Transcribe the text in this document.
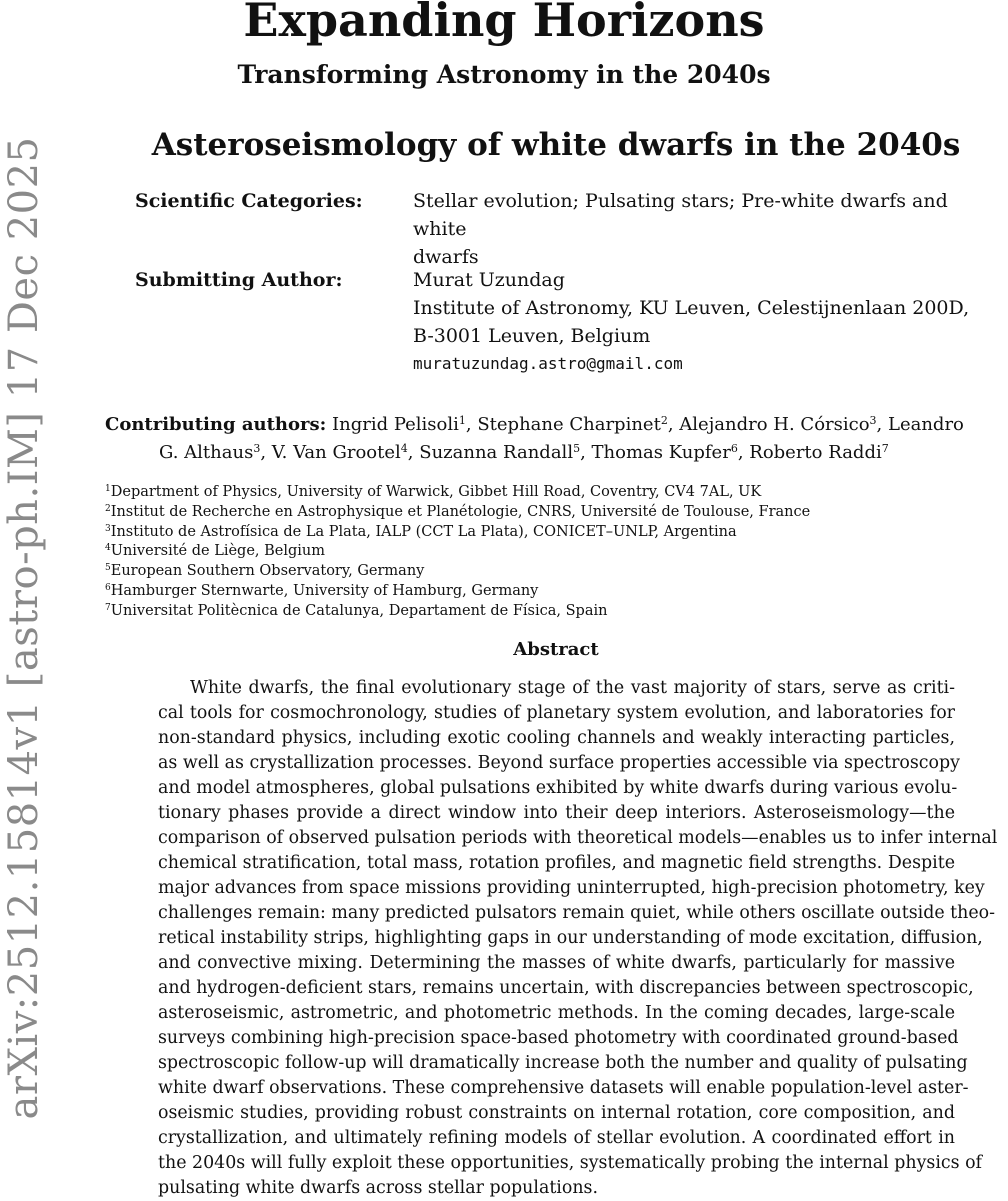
arXiv:2512.15814v1 [astro-ph.IM] 17 Dec 2025
Expanding Horizons
Transforming Astronomy in the 2040s
Asteroseismology of white dwarfs in the 2040s
Scientific Categories:	Stellar evolution; Pulsating stars; Pre-white dwarfs and white
dwarfs
Submitting Author:	Murat Uzundag
Institute of Astronomy, KU Leuven, Celestijnenlaan 200D,
B-3001 Leuven, Belgium
muratuzundag.astro@gmail.com
Contributing authors: Ingrid Pelisoli$^1$, Stephane Charpinet$^2$, Alejandro H. Córsico$^3$, Leandro
G. Althaus$^3$, V. Van Grootel$^4$, Suzanna Randall$^5$, Thomas Kupfer$^6$, Roberto Raddi$^7$
$^1$Department of Physics, University of Warwick, Gibbet Hill Road, Coventry, CV4 7AL, UK
$^2$Institut de Recherche en Astrophysique et Planétologie, CNRS, Université de Toulouse, France
$^3$Instituto de Astrofísica de La Plata, IALP (CCT La Plata), CONICET–UNLP, Argentina
$^4$Université de Liège, Belgium
$^5$European Southern Observatory, Germany
$^6$Hamburger Sternwarte, University of Hamburg, Germany
$^7$Universitat Politècnica de Catalunya, Departament de Física, Spain
Abstract
White dwarfs, the final evolutionary stage of the vast majority of stars, serve as criti-
cal tools for cosmochronology, studies of planetary system evolution, and laboratories for
non-standard physics, including exotic cooling channels and weakly interacting particles,
as well as crystallization processes. Beyond surface properties accessible via spectroscopy
and model atmospheres, global pulsations exhibited by white dwarfs during various evolu-
tionary phases provide a direct window into their deep interiors. Asteroseismology—the
comparison of observed pulsation periods with theoretical models—enables us to infer internal
chemical stratification, total mass, rotation profiles, and magnetic field strengths. Despite
major advances from space missions providing uninterrupted, high-precision photometry, key
challenges remain: many predicted pulsators remain quiet, while others oscillate outside theo-
retical instability strips, highlighting gaps in our understanding of mode excitation, diffusion,
and convective mixing. Determining the masses of white dwarfs, particularly for massive
and hydrogen-deficient stars, remains uncertain, with discrepancies between spectroscopic,
asteroseismic, astrometric, and photometric methods. In the coming decades, large-scale
surveys combining high-precision space-based photometry with coordinated ground-based
spectroscopic follow-up will dramatically increase both the number and quality of pulsating
white dwarf observations. These comprehensive datasets will enable population-level aster-
oseismic studies, providing robust constraints on internal rotation, core composition, and
crystallization, and ultimately refining models of stellar evolution. A coordinated effort in
the 2040s will fully exploit these opportunities, systematically probing the internal physics of
pulsating white dwarfs across stellar populations.
